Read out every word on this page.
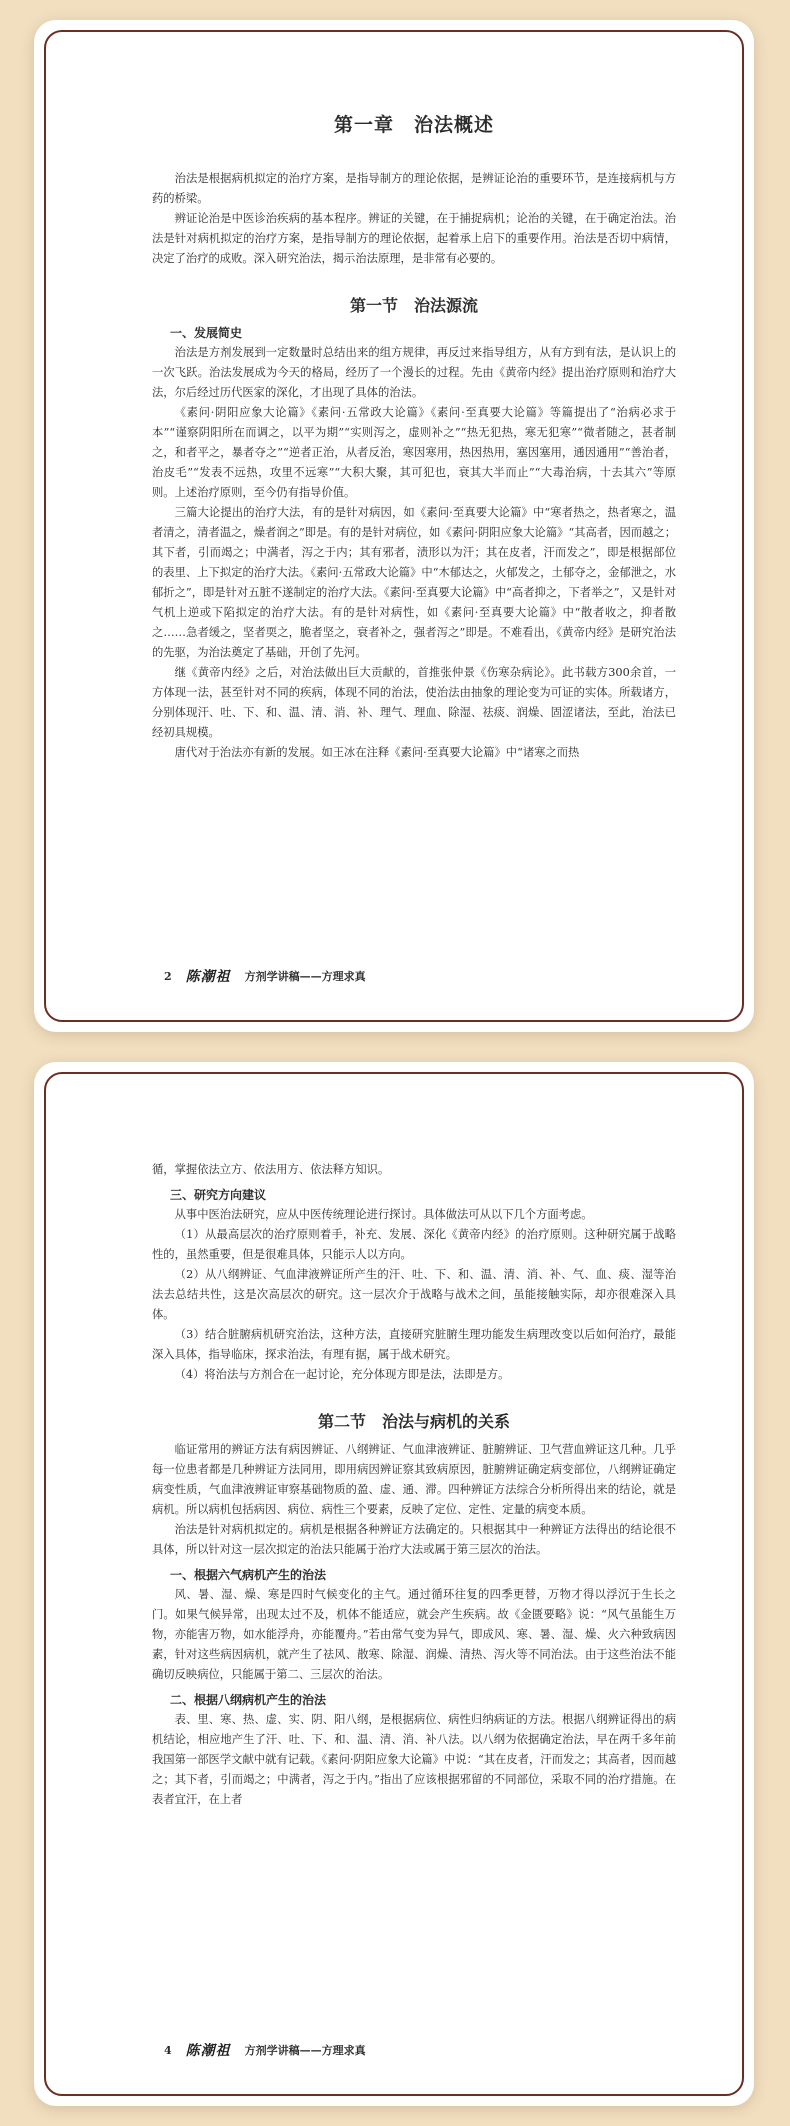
第一章　治法概述

治法是根据病机拟定的治疗方案，是指导制方的理论依据，是辨证论治的重要环节，是连接病机与方药的桥梁。

辨证论治是中医诊治疾病的基本程序。辨证的关键，在于捕捉病机；论治的关键，在于确定治法。治法是针对病机拟定的治疗方案，是指导制方的理论依据，起着承上启下的重要作用。治法是否切中病情，决定了治疗的成败。深入研究治法，揭示治法原理，是非常有必要的。

第一节　治法源流
一、发展简史

治法是方剂发展到一定数量时总结出来的组方规律，再反过来指导组方，从有方到有法，是认识上的一次飞跃。治法发展成为今天的格局，经历了一个漫长的过程。先由《黄帝内经》提出治疗原则和治疗大法，尔后经过历代医家的深化，才出现了具体的治法。

《素问·阴阳应象大论篇》《素问·五常政大论篇》《素问·至真要大论篇》等篇提出了“治病必求于本”“谨察阴阳所在而调之，以平为期”“实则泻之，虚则补之”“热无犯热，寒无犯寒”“微者随之，甚者制之，和者平之，暴者夺之”“逆者正治，从者反治，寒因寒用，热因热用，塞因塞用，通因通用”“善治者，治皮毛”“发表不远热，攻里不远寒”“大积大聚，其可犯也，衰其大半而止”“大毒治病，十去其六”等原则。上述治疗原则，至今仍有指导价值。

三篇大论提出的治疗大法，有的是针对病因，如《素问·至真要大论篇》中“寒者热之，热者寒之，温者清之，清者温之，燥者润之”即是。有的是针对病位，如《素问·阴阳应象大论篇》“其高者，因而越之；其下者，引而竭之；中满者，泻之于内；其有邪者，渍形以为汗；其在皮者，汗而发之”，即是根据部位的表里、上下拟定的治疗大法。《素问·五常政大论篇》中“木郁达之，火郁发之，土郁夺之，金郁泄之，水郁折之”，即是针对五脏不遂制定的治疗大法。《素问·至真要大论篇》中“高者抑之，下者举之”，又是针对气机上逆或下陷拟定的治疗大法。有的是针对病性，如《素问·至真要大论篇》中“散者收之，抑者散之……急者缓之，坚者耎之，脆者坚之，衰者补之，强者泻之”即是。不难看出，《黄帝内经》是研究治法的先驱，为治法奠定了基础，开创了先河。

继《黄帝内经》之后，对治法做出巨大贡献的，首推张仲景《伤寒杂病论》。此书载方300余首，一方体现一法，甚至针对不同的疾病，体现不同的治法，使治法由抽象的理论变为可证的实体。所载诸方，分别体现汗、吐、下、和、温、清、消、补、理气、理血、除湿、祛痰、润燥、固涩诸法，至此，治法已经初具规模。

唐代对于治法亦有新的发展。如王冰在注释《素问·至真要大论篇》中“诸寒之而热

2 陈潮祖 方剂学讲稿——方理求真

循，掌握依法立方、依法用方、依法释方知识。

三、研究方向建议

从事中医治法研究，应从中医传统理论进行探讨。具体做法可从以下几个方面考虑。

（1）从最高层次的治疗原则着手，补充、发展、深化《黄帝内经》的治疗原则。这种研究属于战略性的，虽然重要，但是很难具体，只能示人以方向。

（2）从八纲辨证、气血津液辨证所产生的汗、吐、下、和、温、清、消、补、气、血、痰、湿等治法去总结共性，这是次高层次的研究。这一层次介于战略与战术之间，虽能接触实际，却亦很难深入具体。

（3）结合脏腑病机研究治法，这种方法，直接研究脏腑生理功能发生病理改变以后如何治疗，最能深入具体，指导临床，探求治法，有理有据，属于战术研究。

（4）将治法与方剂合在一起讨论，充分体现方即是法，法即是方。

第二节　治法与病机的关系

临证常用的辨证方法有病因辨证、八纲辨证、气血津液辨证、脏腑辨证、卫气营血辨证这几种。几乎每一位患者都是几种辨证方法同用，即用病因辨证察其致病原因，脏腑辨证确定病变部位，八纲辨证确定病变性质，气血津液辨证审察基础物质的盈、虚、通、滞。四种辨证方法综合分析所得出来的结论，就是病机。所以病机包括病因、病位、病性三个要素，反映了定位、定性、定量的病变本质。

治法是针对病机拟定的。病机是根据各种辨证方法确定的。只根据其中一种辨证方法得出的结论很不具体，所以针对这一层次拟定的治法只能属于治疗大法或属于第三层次的治法。

一、根据六气病机产生的治法

风、暑、湿、燥、寒是四时气候变化的主气。通过循环往复的四季更替，万物才得以浮沉于生长之门。如果气候异常，出现太过不及，机体不能适应，就会产生疾病。故《金匮要略》说：“风气虽能生万物，亦能害万物，如水能浮舟，亦能覆舟。”若由常气变为异气，即成风、寒、暑、湿、燥、火六种致病因素，针对这些病因病机，就产生了祛风、散寒、除湿、润燥、清热、泻火等不同治法。由于这些治法不能确切反映病位，只能属于第二、三层次的治法。

二、根据八纲病机产生的治法

表、里、寒、热、虚、实、阴、阳八纲，是根据病位、病性归纳病证的方法。根据八纲辨证得出的病机结论，相应地产生了汗、吐、下、和、温、清、消、补八法。以八纲为依据确定治法，早在两千多年前我国第一部医学文献中就有记载。《素问·阴阳应象大论篇》中说：“其在皮者，汗而发之；其高者，因而越之；其下者，引而竭之；中满者，泻之于内。”指出了应该根据邪留的不同部位，采取不同的治疗措施。在表者宜汗，在上者

4 陈潮祖 方剂学讲稿——方理求真
